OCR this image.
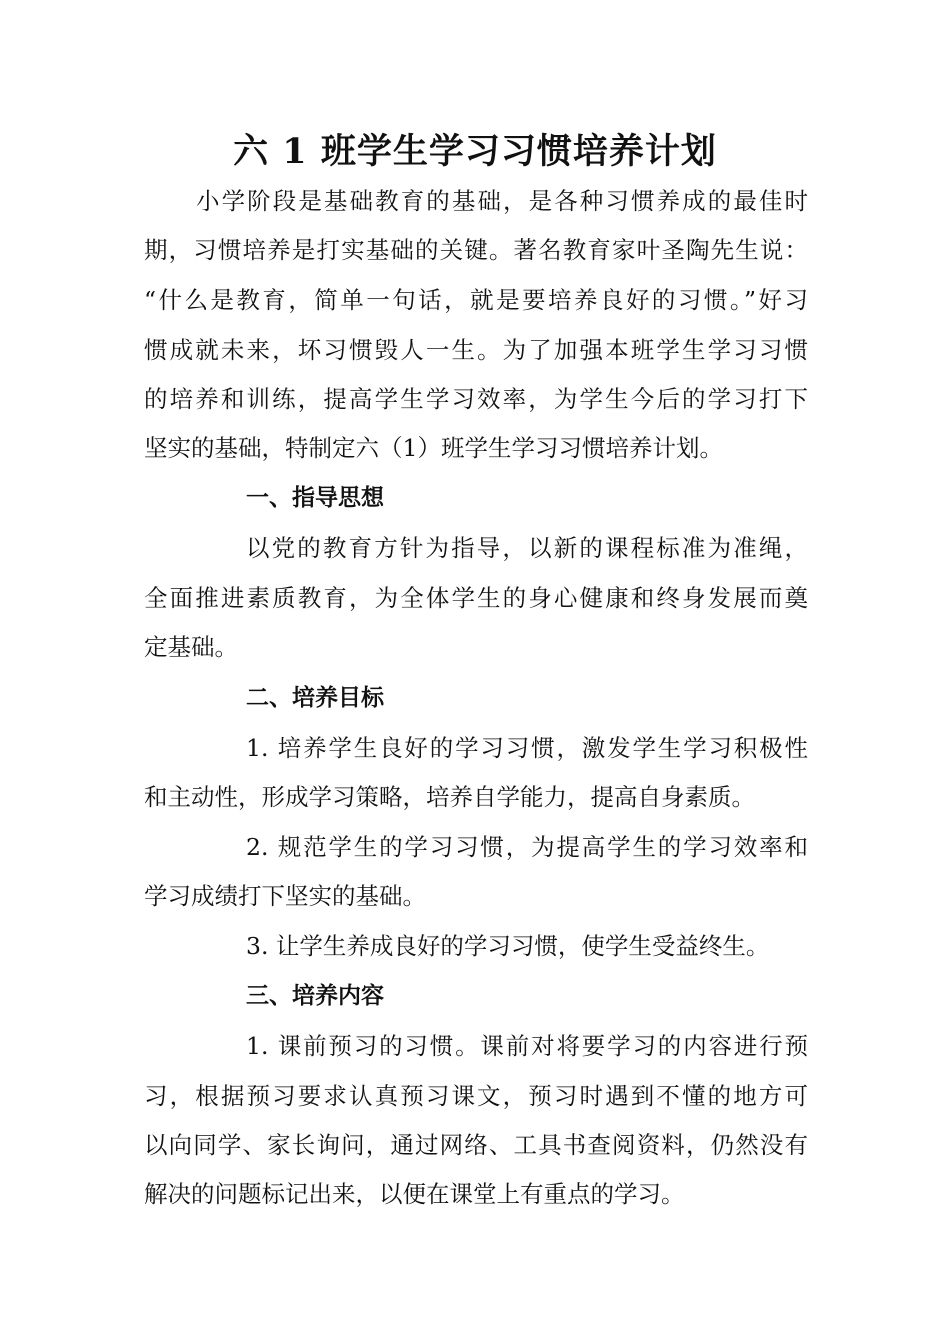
六 1 班学生学习习惯培养计划
小学阶段是基础教育的基础，是各种习惯养成的最佳时
期，习惯培养是打实基础的关键。著名教育家叶圣陶先生说：
“什么是教育，简单一句话，就是要培养良好的习惯。”好习
惯成就未来，坏习惯毁人一生。为了加强本班学生学习习惯
的培养和训练，提高学生学习效率，为学生今后的学习打下
坚实的基础，特制定六（1）班学生学习习惯培养计划。
一、指导思想
以党的教育方针为指导，以新的课程标准为准绳，
全面推进素质教育，为全体学生的身心健康和终身发展而奠
定基础。
二、培养目标
1. 培养学生良好的学习习惯，激发学生学习积极性
和主动性，形成学习策略，培养自学能力，提高自身素质。
2. 规范学生的学习习惯，为提高学生的学习效率和
学习成绩打下坚实的基础。
3. 让学生养成良好的学习习惯，使学生受益终生。
三、培养内容
1. 课前预习的习惯。课前对将要学习的内容进行预
习，根据预习要求认真预习课文，预习时遇到不懂的地方可
以向同学、家长询问，通过网络、工具书查阅资料，仍然没有
解决的问题标记出来，以便在课堂上有重点的学习。
